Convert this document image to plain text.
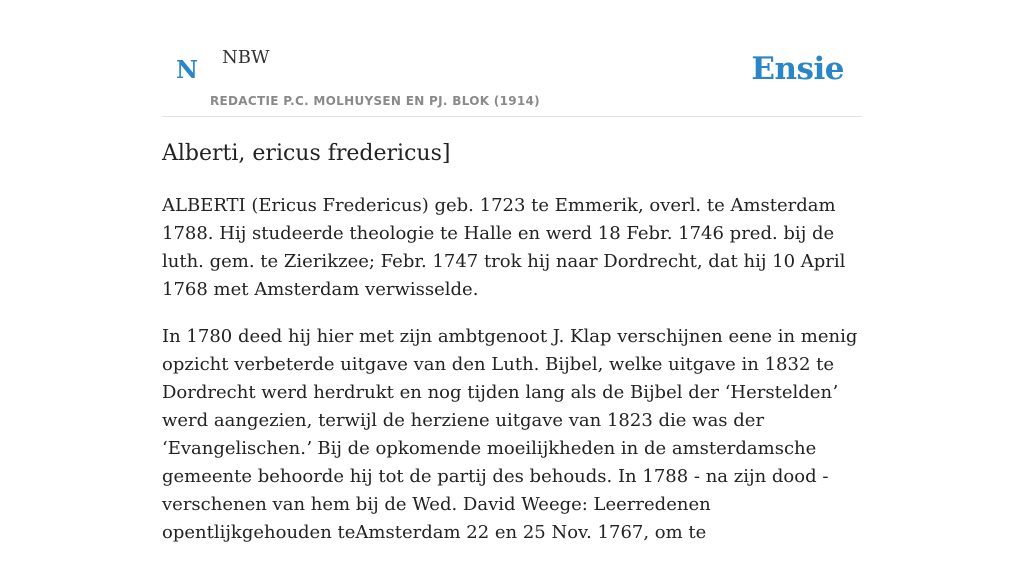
N NBW
REDACTIE P.C. MOLHUYSEN EN PJ. BLOK (1914)
Ensie
Alberti, ericus fredericus]

ALBERTI (Ericus Fredericus) geb. 1723 te Emmerik, overl. te Amsterdam 1788. Hij studeerde theologie te Halle en werd 18 Febr. 1746 pred. bij de luth. gem. te Zierikzee; Febr. 1747 trok hij naar Dordrecht, dat hij 10 April 1768 met Amsterdam verwisselde.

In 1780 deed hij hier met zijn ambtgenoot J. Klap verschijnen eene in menig opzicht verbeterde uitgave van den Luth. Bijbel, welke uitgave in 1832 te Dordrecht werd herdrukt en nog tijden lang als de Bijbel der ‘Hersteldenʼ werd aangezien, terwijl de herziene uitgave van 1823 die was der ‘Evangelischen.ʼ Bij de opkomende moeilijkheden in de amsterdamsche gemeente behoorde hij tot de partij des behouds. In 1788 - na zijn dood - verschenen van hem bij de Wed. David Weege: Leerredenen opentlijkgehouden teAmsterdam 22 en 25 Nov. 1767, om te
